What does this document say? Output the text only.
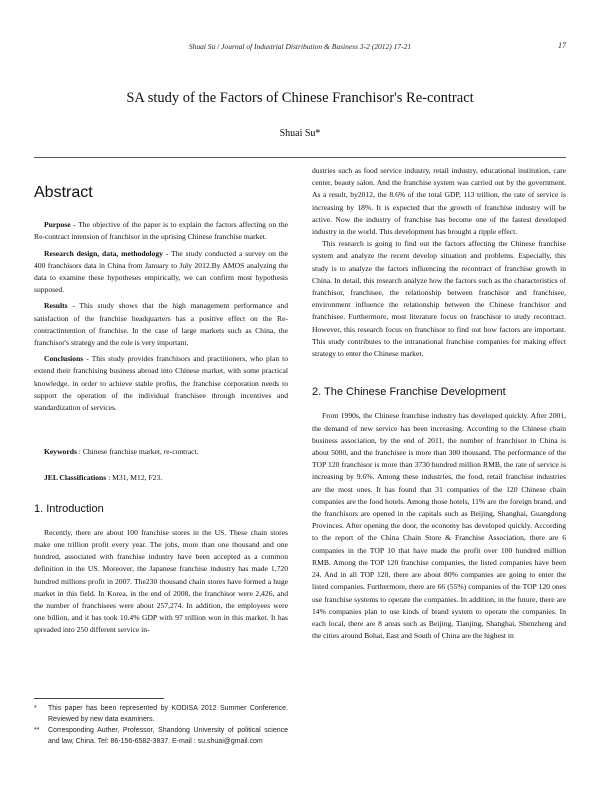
Shuai Su / Journal of Industrial Distribution & Business 3-2 (2012) 17-21	17
SA study of the Factors of Chinese Franchisor's Re-contract
Shuai Su*
Abstract

Purpose - The objective of the paper is to explain the factors affecting on the Re-contract intension of franchisor in the uprising Chinese franchise market.

Research design, data, methodology - The study conducted a survey on the 400 franchisors data in China from January to July 2012.By AMOS analyzing the data to examine these hypotheses empirically, we can confirm most hypothesis supposed.

Results - This study shows that the high management performance and satisfaction of the franchise headquarters has a positive effect on the Re-contractintention of franchise. In the case of large markets such as China, the franchisor's strategy and the role is very important.

Conclusions - This study provides franchisors and practitioners, who plan to extend their franchising business abroad into Chinese market, with some practical knowledge. in order to achieve stable profits, the franchise corporation needs to support the operation of the individual franchisee through incentives and standardization of services.

Keywords : Chinese franchise market, re-contract.

JEL Classifications : M31, M12, F23.

1. Introduction

Recently, there are about 100 franchise stores in the US. These chain stores make one trillion profit every year. The jobs, more than one thousand and one hundred, associated with franchise industry have been accepted as a common definition in the US. Moreover, the Japanese franchise industry has made 1,720 hundred millions profit in 2007. The230 thousand chain stores have formed a huge market in this field. In Korea, in the end of 2008, the franchisor were 2,426, and the number of franchisees were about 257,274. In addition, the employees were one billion, and it has took 10.4% GDP with 97 trillion won in this market. It has spreaded into 250 different service in-

*	This paper has been represented by KODISA 2012 Summer Conference. Reviewed by new data examiners.
**	Corresponding Auther, Professor, Shandong University of political science and law, China. Tel: 86-156-6582-3837. E-mail : su.shuai@gmail.com

dustries such as food service industry, retail industry, educational institution, care center, beauty salon. And the franchise system was carried out by the government. As a result, by2012, the 8.6% of the total GDP, 113 trillion, the rate of service is increasing by 18%. It is expected that the growth of franchise industry will be active. Now the industry of franchise has become one of the fastest developed industry in the world. This development has brought a ripple effect.

This research is going to find out the factors affecting the Chinese franchise system and analyze the recent develop situation and problems. Especially, this study is to analyze the factors influencing the recontract of franchise growth in China. In detail, this research analyze how the factors such as the characteristics of franchisor, franchisee, the relationship between franchisor and franchisee, environment influence the relationship between the Chinese franchisor and franchisee. Furthermore, most literature focus on franchisor to study recontract. However, this research focus on franchisor to find out how factors are important. This study contributes to the intranational franchise companies for making effect strategy to enter the Chinese market.

2. The Chinese Franchise Development

From 1990s, the Chinese franchise industry has developed quickly. After 2001, the demand of new service has been increasing. According to the Chinese chain business association, by the end of 2011, the number of franchisor in China is about 5000, and the franchisee is more than 300 thousand. The performance of the TOP 120 franchisor is more than 3730 hundred million RMB, the rate of service is increasing by 9.6%. Among these industries, the food, retail franchise industries are the most ones. It has found that 31 companies of the 120 Chinese chain companies are the food hotels. Among those hotels, 11% are the foreign brand, and the franchisors are opened in the capitals such as Beijing, Shanghai, Guangdong Provinces. After opening the door, the economy has developed quickly. According to the report of the China Chain Store & Franchise Association, there are 6 companies in the TOP 10 that have made the profit over 100 hundred million RMB. Among the TOP 120 franchise companies, the listed companies have been 24. And in all TOP 120, there are about 80% companies are going to enter the listed companies. Furthermore, there are 66 (55%) companies of the TOP 120 ones use franchise systems to operate the companies. In addition, in the future, there are 14% companies plan to use kinds of brand system to operate the companies. In each local, there are 8 areas such as Beijing, Tianjing, Shanghai, Shenzheng and the cities around Bohai, East and South of China are the highest in
